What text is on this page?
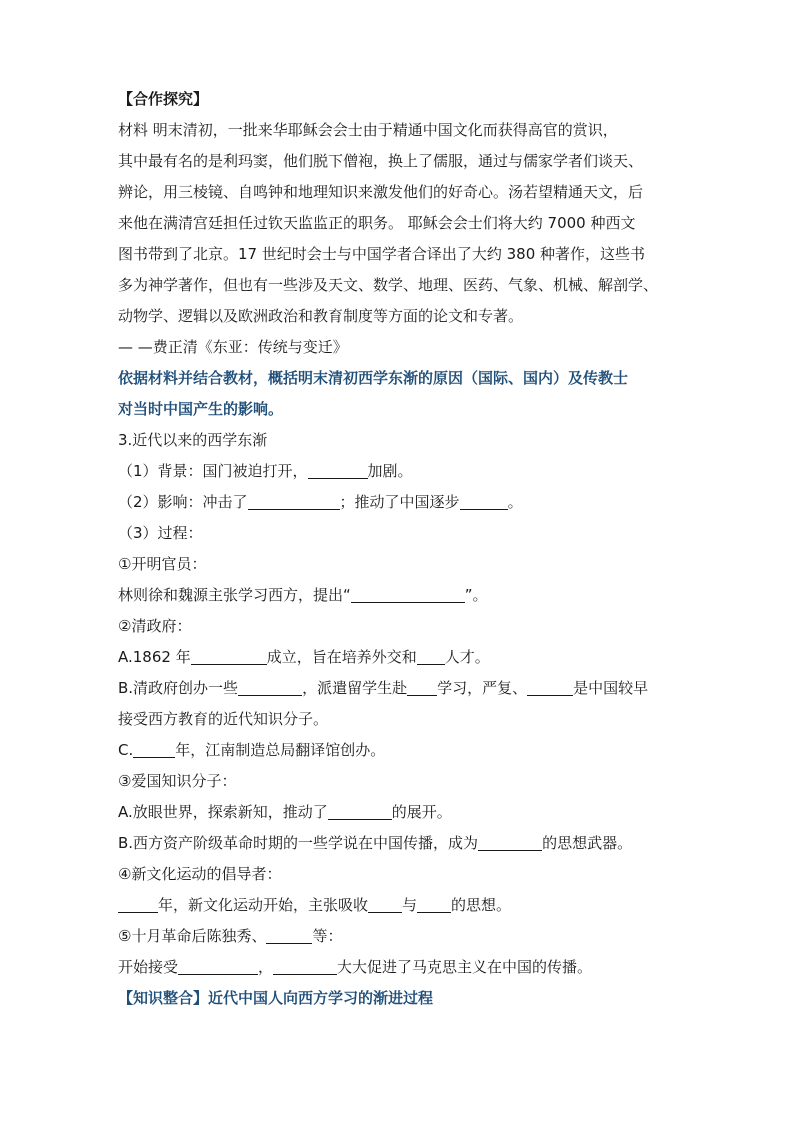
【合作探究】
材料 明末清初，一批来华耶稣会会士由于精通中国文化而获得高官的赏识，
其中最有名的是利玛窦，他们脱下僧袍，换上了儒服，通过与儒家学者们谈天、
辨论，用三棱镜、自鸣钟和地理知识来激发他们的好奇心。汤若望精通天文，后
来他在满清宫廷担任过钦天监监正的职务。 耶稣会会士们将大约 7000 种西文
图书带到了北京。17 世纪时会士与中国学者合译出了大约 380 种著作，这些书
多为神学著作，但也有一些涉及天文、数学、地理、医药、气象、机械、解剖学、
动物学、逻辑以及欧洲政治和教育制度等方面的论文和专著。
— —费正清《东亚：传统与变迁》
依据材料并结合教材，概括明末清初西学东渐的原因（国际、国内）及传教士
对当时中国产生的影响。
3.近代以来的西学东渐
（1）背景：国门被迫打开，	加剧。
（2）影响：冲击了	；推动了中国逐步	。
（3）过程：
①开明官员：
林则徐和魏源主张学习西方，提出“	”。
②清政府：
A.1862 年	成立，旨在培养外交和 人才。
B.清政府创办一些	，派遣留学生赴 学习，严复、	是中国较早
接受西方教育的近代知识分子。
C.	年，江南制造总局翻译馆创办。
③爱国知识分子：
A.放眼世界，探索新知，推动了	的展开。
B.西方资产阶级革命时期的一些学说在中国传播，成为	的思想武器。
④新文化运动的倡导者：
年，新文化运动开始，主张吸收 与 的思想。
⑤十月革命后陈独秀、	等：
开始接受	，	大大促进了马克思主义在中国的传播。
【知识整合】近代中国人向西方学习的渐进过程
